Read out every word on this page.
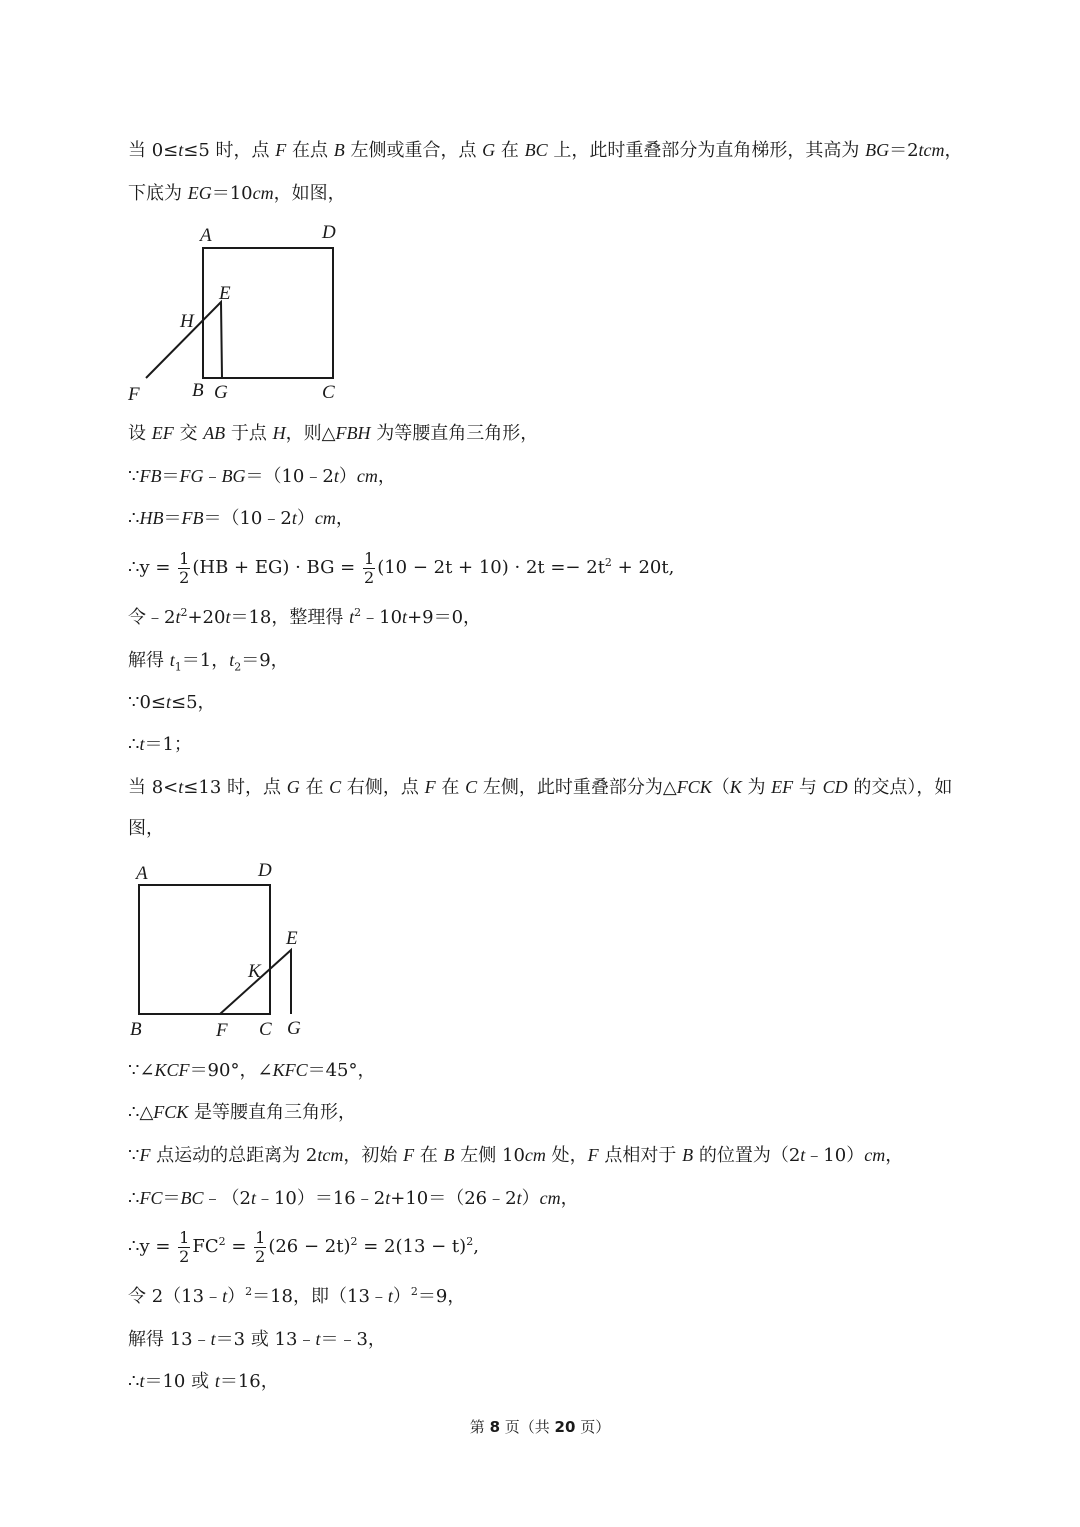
当 0≤t≤5 时，点 F 在点 B 左侧或重合，点 G 在 BC 上，此时重叠部分为直角梯形，其高为 BG＝2tcm，
下底为 EG＝10cm，如图，
A	D
E
H
F	B G	C
设 EF 交 AB 于点 H，则△FBH 为等腰直角三角形，
∵FB＝FG﹣BG＝（10﹣2t）cm，
∴HB＝FB＝（10﹣2t）cm，
∴y = $\frac{1}{2} (HB + EG)$ · BG = $\frac{1}{2} (10 - 2t + 10) \cdot 2t =- 2t^2 + 20t$,
令$﹣2t^2+20t=18$，整理得 $t^2﹣10t+9=0$，
解得 $t_1=1$，$t_2=9$，
∵0≤t≤5，
∴t＝1；
当 8<t≤13 时，点 G 在 C 右侧，点 F 在 C 左侧，此时重叠部分为△FCK（K 为 EF 与 CD 的交点），如
图，
A	D
E
K
B	F C G
∵∠KCF＝90°，∠KFC＝45°，
∴△FCK 是等腰直角三角形，
∵F 点运动的总距离为 2tcm，初始 F 在 B 左侧 10cm 处，F 点相对于 B 的位置为（2t﹣10）cm，
∴FC＝BC﹣（2t﹣10）＝16﹣2t+10＝（26﹣2t）cm，
∴y = $\frac{1}{2} FC^2 = \frac{1}{2} (26 - 2t)^2 = 2(13 - t)^2$,
令 2（13﹣t）$^2$＝18，即（13﹣t）$^2$＝9，
解得 13﹣t＝3 或 13﹣t＝﹣3，
∴t＝10 或 t＝16，
第 8 页（共 20 页）
